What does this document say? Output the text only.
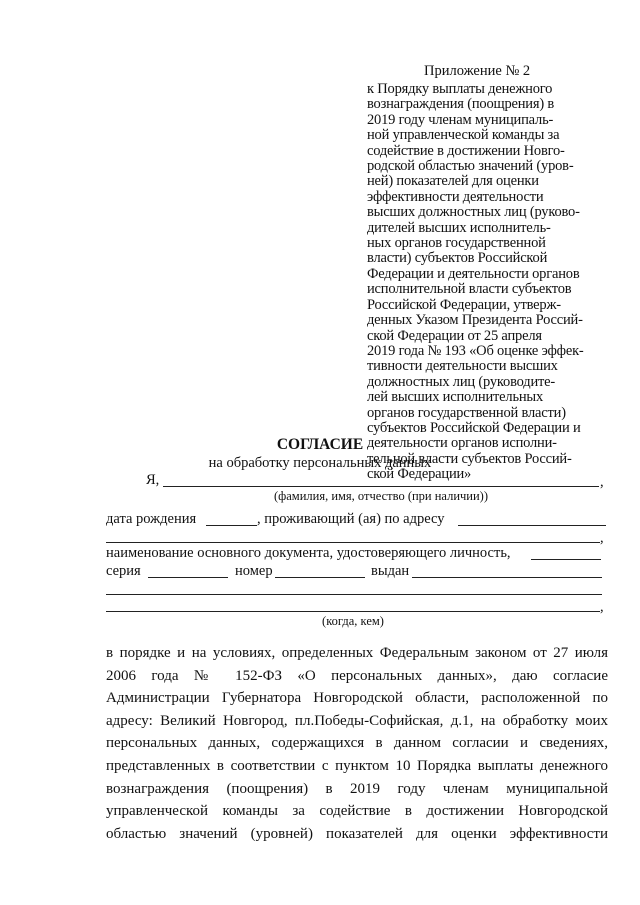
Приложение № 2
к Порядку выплаты денежного
вознаграждения (поощрения) в
2019 году членам муниципаль-
ной управленческой команды за
содействие в достижении Новго-
родской областью значений (уров-
ней) показателей для оценки
эффективности деятельности
высших должностных лиц (руково-
дителей высших исполнитель-
ных органов государственной
власти) субъектов Российской
Федерации и деятельности органов
исполнительной власти субъектов
Российской Федерации, утверж-
денных Указом Президента Россий-
ской Федерации от 25 апреля
2019 года № 193 «Об оценке эффек-
тивности деятельности высших
должностных лиц (руководите-
лей высших исполнительных
органов государственной власти)
субъектов Российской Федерации и
деятельности органов исполни-
тельной власти субъектов Россий-
ской Федерации»
СОГЛАСИЕ
на обработку персональных данных
Я,	,
(фамилия, имя, отчество (при наличии))
дата рождения	, проживающий (ая) по адресу
,
наименование основного документа, удостоверяющего личность,
серия	номер	выдан
,
(когда, кем)
в порядке и на условиях, определенных Федеральным законом от 27 июля
2006 года № 152-ФЗ «О персональных данных», даю согласие
Администрации Губернатора Новгородской области, расположенной по
адресу: Великий Новгород, пл.Победы-Софийская, д.1, на обработку моих
персональных данных, содержащихся в данном согласии и сведениях,
представленных в соответствии с пунктом 10 Порядка выплаты денежного
вознаграждения (поощрения) в 2019 году членам муниципальной
управленческой команды за содействие в достижении Новгородской
областью значений (уровней) показателей для оценки эффективности
